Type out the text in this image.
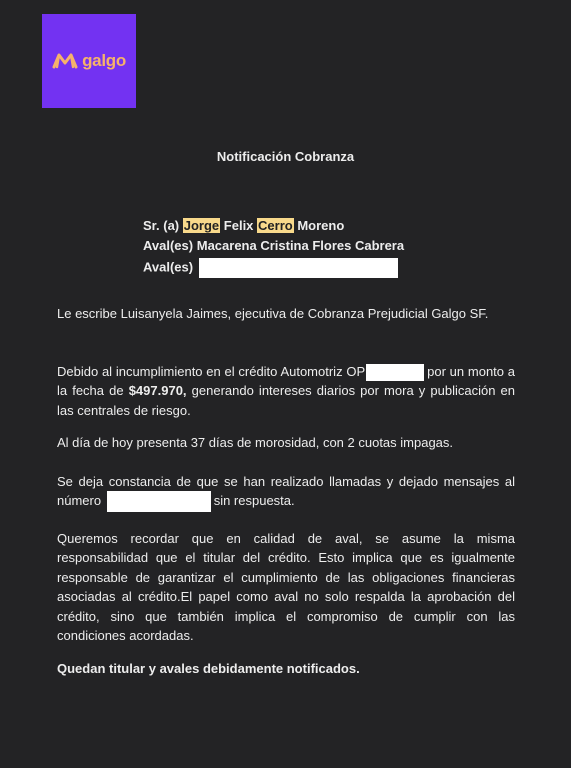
galgo
Notificación Cobranza
Sr. (a) Jorge Felix Cerro Moreno
Aval(es) Macarena Cristina Flores Cabrera
Aval(es)
Le escribe Luisanyela Jaimes, ejecutiva de Cobranza Prejudicial Galgo SF.
Debido al incumplimiento en el crédito Automotriz OP	por un monto a la fecha de $497.970, generando intereses diarios por mora y publicación en las centrales de riesgo.
Al día de hoy presenta 37 días de morosidad, con 2 cuotas impagas.
Se deja constancia de que se han realizado llamadas y dejado mensajes al número	sin respuesta.
Queremos recordar que en calidad de aval, se asume la misma responsabilidad que el titular del crédito. Esto implica que es igualmente responsable de garantizar el cumplimiento de las obligaciones financieras asociadas al crédito.El papel como aval no solo respalda la aprobación del crédito, sino que también implica el compromiso de cumplir con las condiciones acordadas.
Quedan titular y avales debidamente notificados.
